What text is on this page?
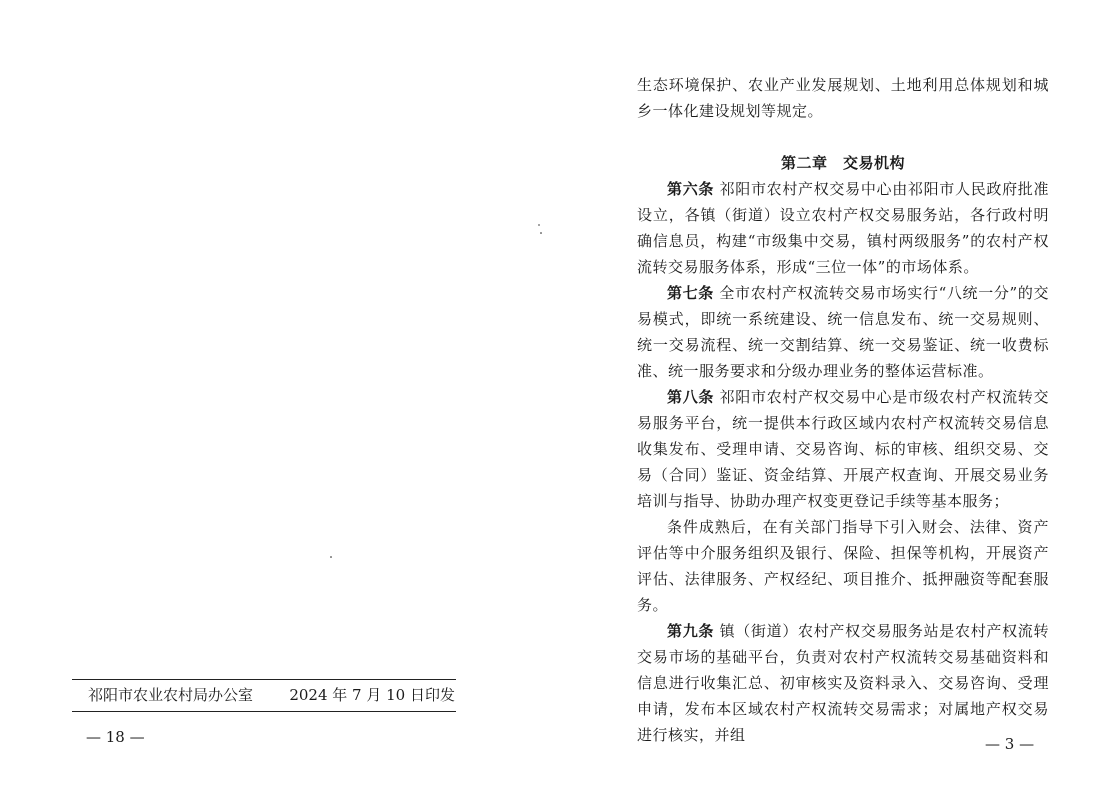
祁阳市农业农村局办公室 2024 年 7 月 10 日印发
— 18 —

生态环境保护、农业产业发展规划、土地利用总体规划和城乡一体化建设规划等规定。

第二章　交易机构

第六条 祁阳市农村产权交易中心由祁阳市人民政府批准设立，各镇（街道）设立农村产权交易服务站，各行政村明确信息员，构建“市级集中交易，镇村两级服务”的农村产权流转交易服务体系，形成“三位一体”的市场体系。

第七条 全市农村产权流转交易市场实行“八统一分”的交易模式，即统一系统建设、统一信息发布、统一交易规则、统一交易流程、统一交割结算、统一交易鉴证、统一收费标准、统一服务要求和分级办理业务的整体运营标准。

第八条 祁阳市农村产权交易中心是市级农村产权流转交易服务平台，统一提供本行政区域内农村产权流转交易信息收集发布、受理申请、交易咨询、标的审核、组织交易、交易（合同）鉴证、资金结算、开展产权查询、开展交易业务培训与指导、协助办理产权变更登记手续等基本服务；

条件成熟后，在有关部门指导下引入财会、法律、资产评估等中介服务组织及银行、保险、担保等机构，开展资产评估、法律服务、产权经纪、项目推介、抵押融资等配套服务。

第九条 镇（街道）农村产权交易服务站是农村产权流转交易市场的基础平台，负责对农村产权流转交易基础资料和信息进行收集汇总、初审核实及资料录入、交易咨询、受理申请，发布本区域农村产权流转交易需求；对属地产权交易进行核实，并组	— 3 —
